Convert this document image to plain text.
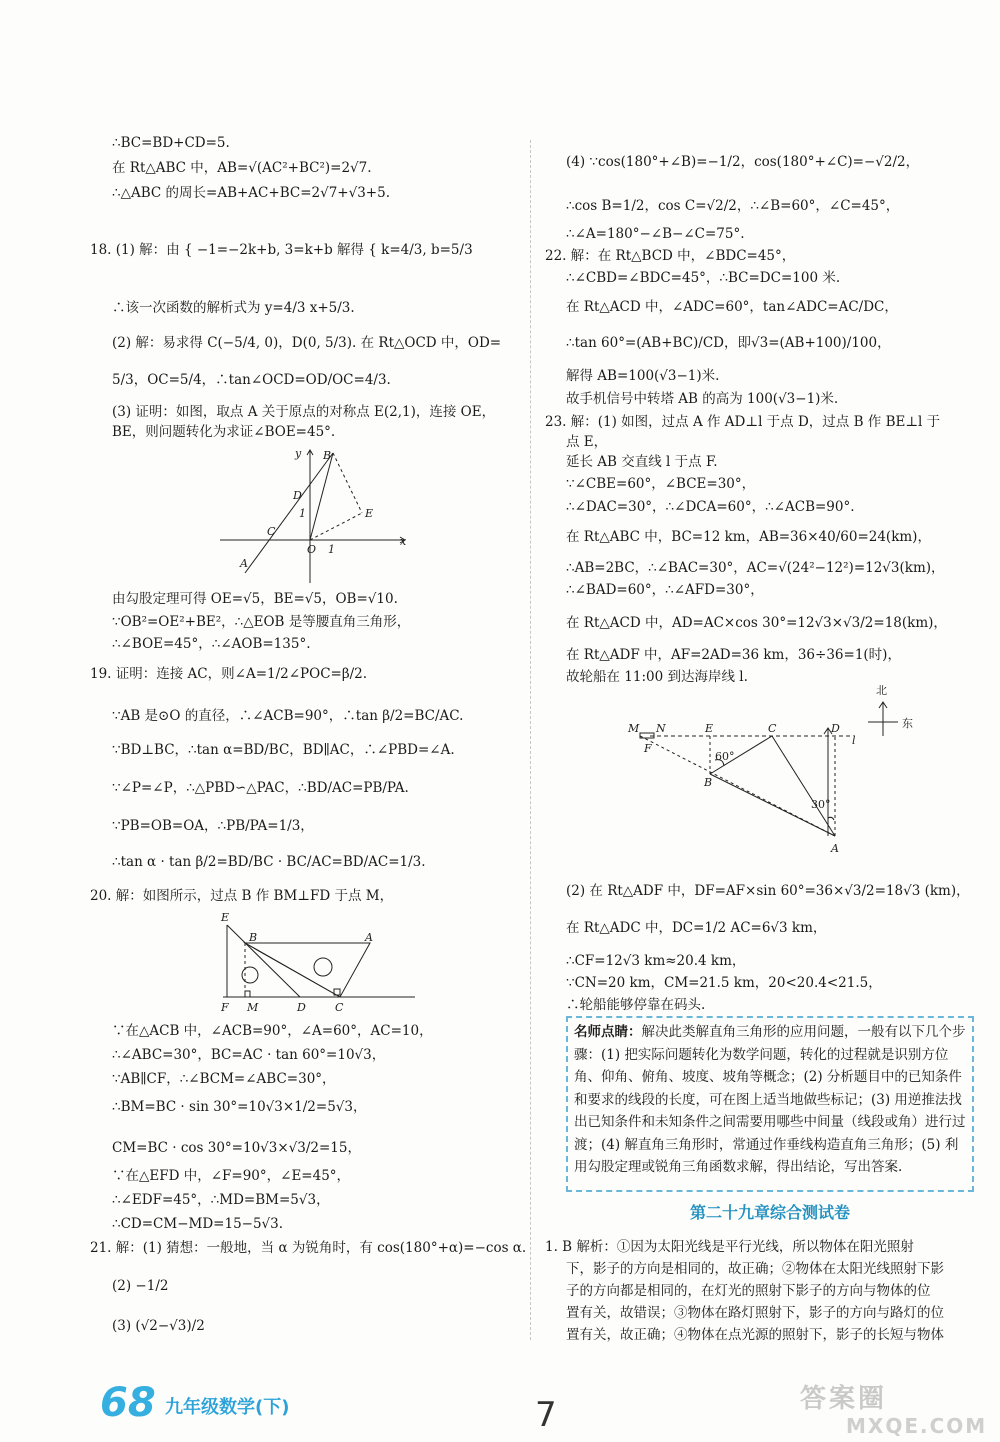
∴BC=BD+CD=5.
在 Rt△ABC 中，AB=√(AC²+BC²)=2√7.
∴△ABC 的周长=AB+AC+BC=2√7+√3+5.
18. (1) 解：由 { −1=−2k+b, 3=k+b 解得 { k=4/3, b=5/3
∴该一次函数的解析式为 y=4/3 x+5/3.
(2) 解：易求得 C(−5/4, 0)，D(0, 5/3). 在 Rt△OCD 中，OD=
5/3，OC=5/4，∴tan∠OCD=OD/OC=4/3.
(3) 证明：如图，取点 A 关于原点的对称点 E(2,1)，连接 OE，
BE，则问题转化为求证∠BOE=45°.
由勾股定理可得 OE=√5，BE=√5，OB=√10.
∵OB²=OE²+BE²，∴△EOB 是等腰直角三角形，
∴∠BOE=45°，∴∠AOB=135°.
19. 证明：连接 AC，则∠A=1/2∠POC=β/2.
∵AB 是⊙O 的直径，∴∠ACB=90°，∴tan β/2=BC/AC.
∵BD⊥BC，∴tan α=BD/BC，BD∥AC，∴∠PBD=∠A.
∵∠P=∠P，∴△PBD∽△PAC，∴BD/AC=PB/PA.
∵PB=OB=OA，∴PB/PA=1/3，
∴tan α · tan β/2=BD/BC · BC/AC=BD/AC=1/3.
20. 解：如图所示，过点 B 作 BM⊥FD 于点 M，
∵在△ACB 中，∠ACB=90°，∠A=60°，AC=10，
∴∠ABC=30°，BC=AC · tan 60°=10√3，
∵AB∥CF，∴∠BCM=∠ABC=30°，
∴BM=BC · sin 30°=10√3×1/2=5√3，
CM=BC · cos 30°=10√3×√3/2=15，
∵在△EFD 中，∠F=90°，∠E=45°，
∴∠EDF=45°，∴MD=BM=5√3，
∴CD=CM−MD=15−5√3.
21. 解：(1) 猜想：一般地，当 α 为锐角时，有 cos(180°+α)=−cos α.
(2) −1/2
(3) (√2−√3)/2
(4) ∵cos(180°+∠B)=−1/2，cos(180°+∠C)=−√2/2，
∴cos B=1/2，cos C=√2/2，∴∠B=60°，∠C=45°，
∴∠A=180°−∠B−∠C=75°.
22. 解：在 Rt△BCD 中，∠BDC=45°，
∴∠CBD=∠BDC=45°，∴BC=DC=100 米.
在 Rt△ACD 中，∠ADC=60°，tan∠ADC=AC/DC，
∴tan 60°=(AB+BC)/CD，即√3=(AB+100)/100，
解得 AB=100(√3−1)米.
故手机信号中转塔 AB 的高为 100(√3−1)米.
23. 解：(1) 如图，过点 A 作 AD⊥l 于点 D，过点 B 作 BE⊥l 于
点 E，
延长 AB 交直线 l 于点 F.
∵∠CBE=60°，∠BCE=30°，
∴∠DAC=30°，∴∠DCA=60°，∴∠ACB=90°.
在 Rt△ABC 中，BC=12 km，AB=36×40/60=24(km)，
∴AB=2BC，∴∠BAC=30°，AC=√(24²−12²)=12√3(km)，
∴∠BAD=60°，∴∠AFD=30°，
在 Rt△ACD 中，AD=AC×cos 30°=12√3×√3/2=18(km)，
在 Rt△ADF 中，AF=2AD=36 km，36÷36=1(时)，
故轮船在 11:00 到达海岸线 l.
(2) 在 Rt△ADF 中，DF=AF×sin 60°=36×√3/2=18√3 (km)，
在 Rt△ADC 中，DC=1/2 AC=6√3 km，
∴CF=12√3 km≈20.4 km，
∵CN=20 km，CM=21.5 km，20<20.4<21.5，
∴轮船能够停靠在码头.
y B
D
1	E
C
O 1
x
A
E
B	A
F M	D	C
北
东
M N	E	C	D
l
F
60°
B
30°
A
名师点睛：解决此类解直角三角形的应用问题，一般有以下几个步骤：(1) 把实际问题转化为数学问题，转化的过程就是识别方位角、仰角、俯角、坡度、坡角等概念；(2) 分析题目中的已知条件和要求的线段的长度，可在图上适当地做些标记；(3) 用逆推法找出已知条件和未知条件之间需要用哪些中间量（线段或角）进行过渡；(4) 解直角三角形时，常通过作垂线构造直角三角形；(5) 利用勾股定理或锐角三角函数求解，得出结论，写出答案.
第二十九章综合测试卷
1. B 解析：①因为太阳光线是平行光线，所以物体在阳光照射
下，影子的方向是相同的，故正确；②物体在太阳光线照射下影
子的方向都是相同的，在灯光的照射下影子的方向与物体的位
置有关，故错误；③物体在路灯照射下，影子的方向与路灯的位
置有关，故正确；④物体在点光源的照射下，影子的长短与物体
68 九年级数学(下)	答案圈
MXQE.COM
7
